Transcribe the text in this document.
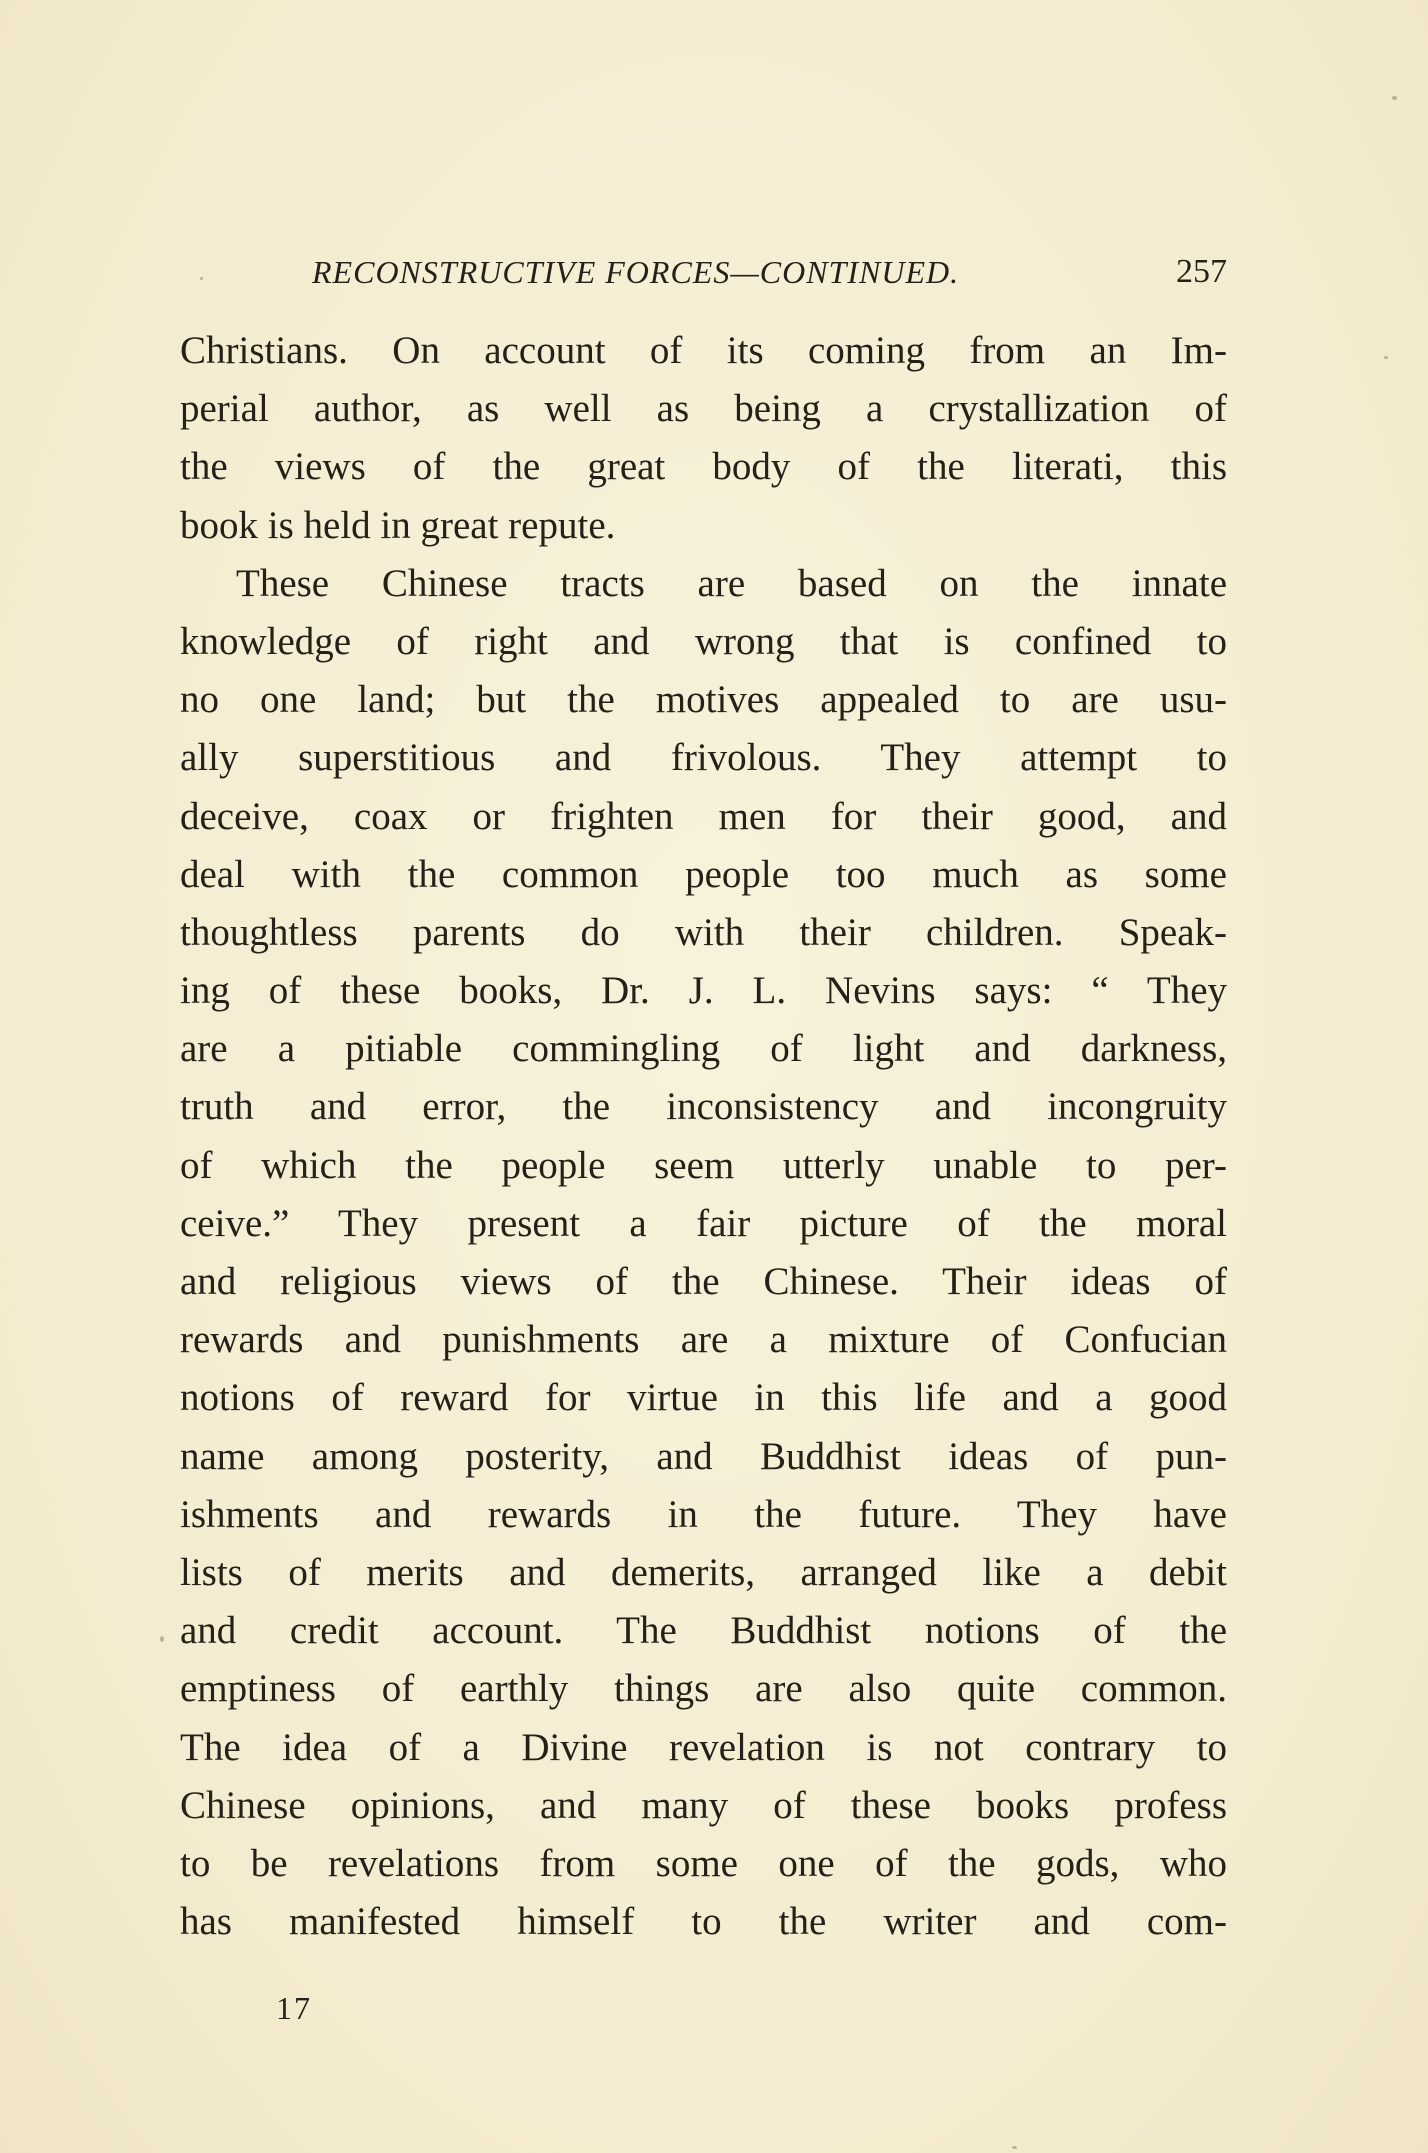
RECONSTRUCTIVE FORCES—CONTINUED.	257
Christians. On account of its coming from an Im-
perial author, as well as being a crystallization of
the views of the great body of the literati, this
book is held in great repute.
These Chinese tracts are based on the innate
knowledge of right and wrong that is confined to
no one land; but the motives appealed to are usu-
ally superstitious and frivolous. They attempt to
deceive, coax or frighten men for their good, and
deal with the common people too much as some
thoughtless parents do with their children. Speak-
ing of these books, Dr. J. L. Nevins says: “ They
are a pitiable commingling of light and darkness,
truth and error, the inconsistency and incongruity
of which the people seem utterly unable to per-
ceive.” They present a fair picture of the moral
and religious views of the Chinese. Their ideas of
rewards and punishments are a mixture of Confucian
notions of reward for virtue in this life and a good
name among posterity, and Buddhist ideas of pun-
ishments and rewards in the future. They have
lists of merits and demerits, arranged like a debit
and credit account. The Buddhist notions of the
emptiness of earthly things are also quite common.
The idea of a Divine revelation is not contrary to
Chinese opinions, and many of these books profess
to be revelations from some one of the gods, who
has manifested himself to the writer and com-
17
